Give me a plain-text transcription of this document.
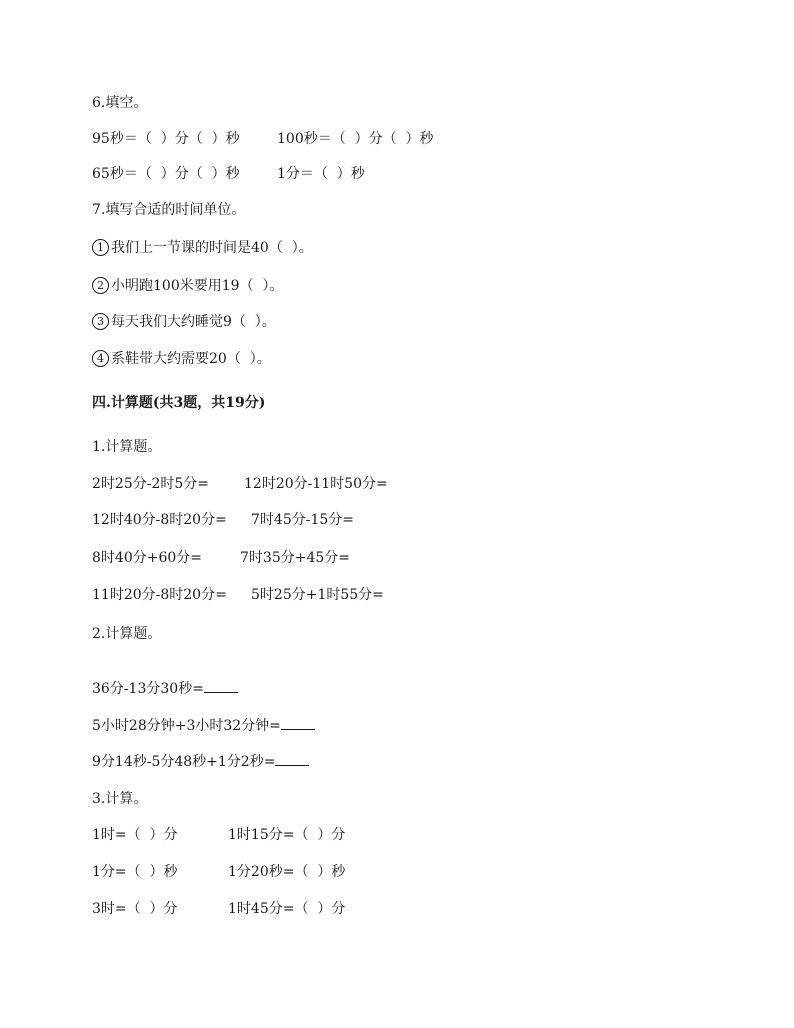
6.填空。
95秒＝（  ）分（  ）秒	100秒＝（  ）分（  ）秒
65秒＝（  ）分（  ）秒	1分＝（  ）秒
7.填写合适的时间单位。
1 我们上一节课的时间是40（  ）。
2 小明跑100米要用19（  ）。
3 每天我们大约睡觉9（  ）。
4 系鞋带大约需要20（  ）。
四.计算题(共3题，共19分)
1.计算题。
2时25分-2时5分=	12时20分-11时50分=
12时40分-8时20分= 7时45分-15分=
8时40分+60分=	7时35分+45分=
11时20分-8时20分= 5时25分+1时55分=
2.计算题。
36分-13分30秒=
5小时28分钟+3小时32分钟=
9分14秒-5分48秒+1分2秒=
3.计算。
1时=（  ）分	1时15分=（  ）分
1分=（  ）秒	1分20秒=（  ）秒
3时=（  ）分	1时45分=（  ）分
